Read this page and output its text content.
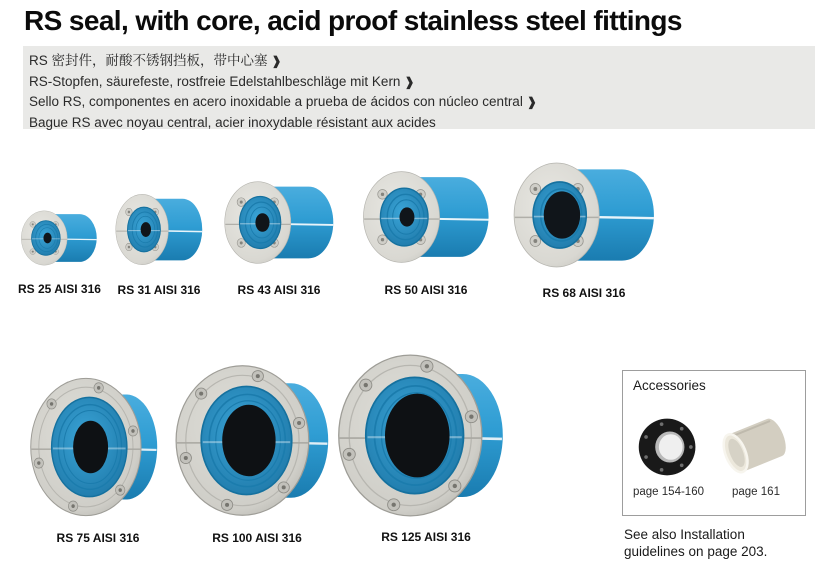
RS seal, with core, acid proof stainless steel fittings
RS 密封件，耐酸不锈钢挡板，带中心塞 ❱
RS-Stopfen, säurefeste, rostfreie Edelstahlbeschläge mit Kern ❱
Sello RS, componentes en acero inoxidable a prueba de ácidos con núcleo central ❱
Bague RS avec noyau central, acier inoxydable résistant aux acides
RS 25 AISI 316	RS 31 AISI 316	RS 43 AISI 316	RS 50 AISI 316	RS 68 AISI 316
RS 75 AISI 316	RS 100 AISI 316	RS 125 AISI 316
Accessories
page 154-160	page 161
See also Installation guidelines on page 203.
